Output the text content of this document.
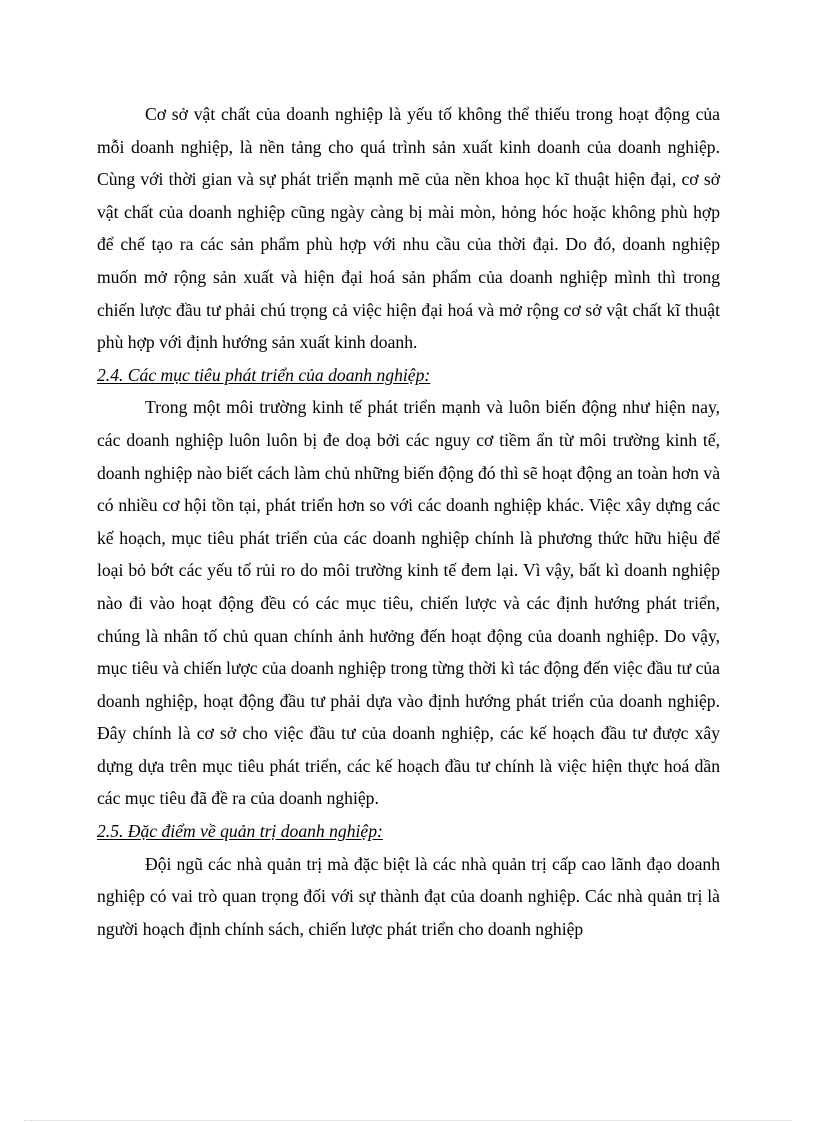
Cơ sở vật chất của doanh nghiệp là yếu tố không thể thiếu trong hoạt động của mỗi doanh nghiệp, là nền tảng cho quá trình sản xuất kinh doanh của doanh nghiệp. Cùng với thời gian và sự phát triển mạnh mẽ của nền khoa học kĩ thuật hiện đại, cơ sở vật chất của doanh nghiệp cũng ngày càng bị mài mòn, hỏng hóc hoặc không phù hợp để chế tạo ra các sản phẩm phù hợp với nhu cầu của thời đại. Do đó, doanh nghiệp muốn mở rộng sản xuất và hiện đại hoá sản phẩm của doanh nghiệp mình thì trong chiến lược đầu tư phải chú trọng cả việc hiện đại hoá và mở rộng cơ sở vật chất kĩ thuật phù hợp với định hướng sản xuất kinh doanh.

2.4. Các mục tiêu phát triển của doanh nghiệp:

Trong một môi trường kinh tế phát triển mạnh và luôn biến động như hiện nay, các doanh nghiệp luôn luôn bị đe doạ bởi các nguy cơ tiềm ẩn từ môi trường kinh tế, doanh nghiệp nào biết cách làm chủ những biến động đó thì sẽ hoạt động an toàn hơn và có nhiều cơ hội tồn tại, phát triển hơn so với các doanh nghiệp khác. Việc xây dựng các kế hoạch, mục tiêu phát triển của các doanh nghiệp chính là phương thức hữu hiệu để loại bỏ bớt các yếu tố rủi ro do môi trường kinh tế đem lại. Vì vậy, bất kì doanh nghiệp nào đi vào hoạt động đều có các mục tiêu, chiến lược và các định hướng phát triển, chúng là nhân tố chủ quan chính ảnh hưởng đến hoạt động của doanh nghiệp. Do vậy, mục tiêu và chiến lược của doanh nghiệp trong từng thời kì tác động đến việc đầu tư của doanh nghiệp, hoạt động đầu tư phải dựa vào định hướng phát triển của doanh nghiệp. Đây chính là cơ sở cho việc đầu tư của doanh nghiệp, các kế hoạch đầu tư được xây dựng dựa trên mục tiêu phát triển, các kế hoạch đầu tư chính là việc hiện thực hoá dần các mục tiêu đã đề ra của doanh nghiệp.

2.5. Đặc điểm về quản trị doanh nghiệp:

Đội ngũ các nhà quản trị mà đặc biệt là các nhà quản trị cấp cao lãnh đạo doanh nghiệp có vai trò quan trọng đối với sự thành đạt của doanh nghiệp. Các nhà quản trị là người hoạch định chính sách, chiến lược phát triển cho doanh nghiệp
